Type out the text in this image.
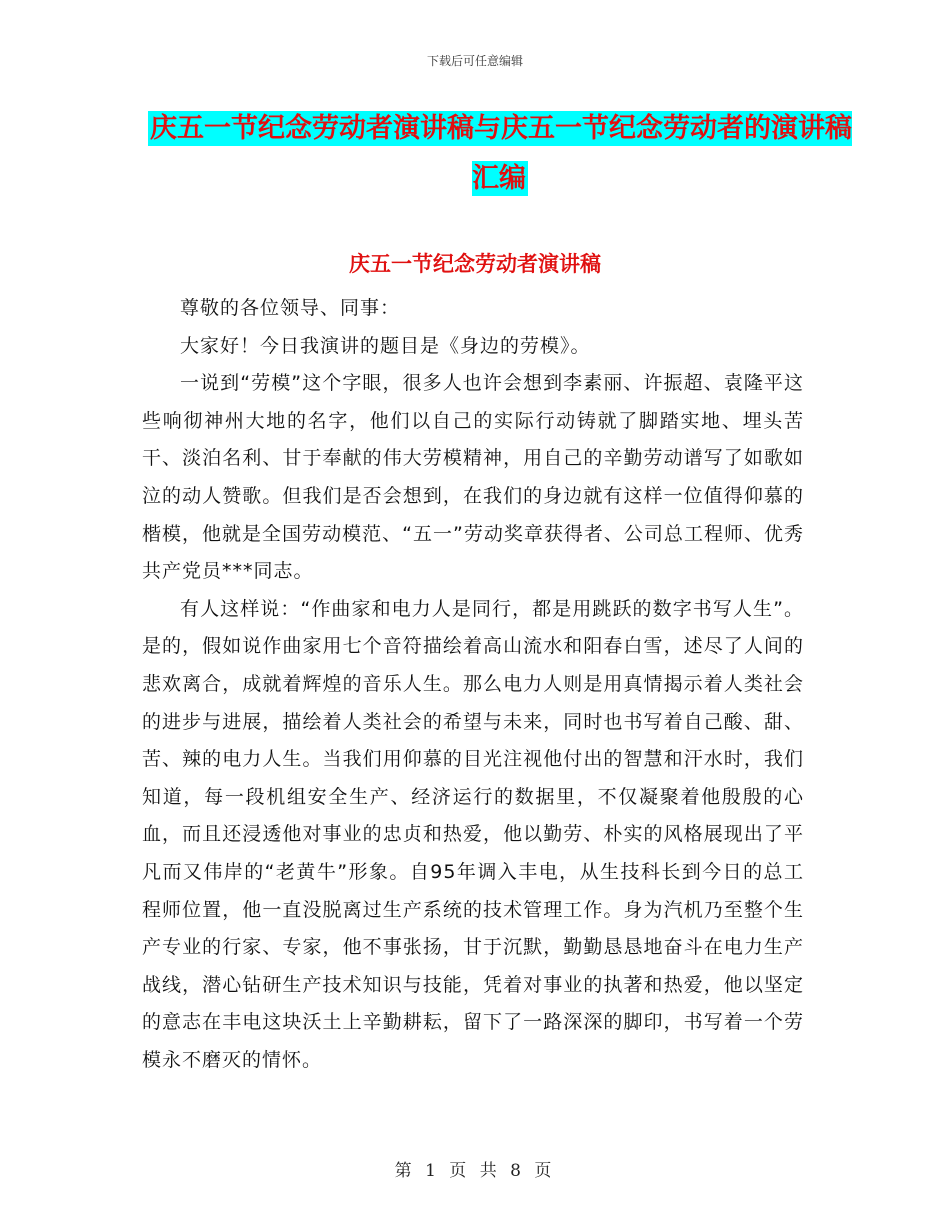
下载后可任意编辑
庆五一节纪念劳动者演讲稿与庆五一节纪念劳动者的演讲稿汇编
庆五一节纪念劳动者演讲稿

尊敬的各位领导、同事：

大家好！今日我演讲的题目是《身边的劳模》。

一说到“劳模”这个字眼，很多人也许会想到李素丽、许振超、袁隆平这些响彻神州大地的名字，他们以自己的实际行动铸就了脚踏实地、埋头苦干、淡泊名利、甘于奉献的伟大劳模精神，用自己的辛勤劳动谱写了如歌如泣的动人赞歌。但我们是否会想到，在我们的身边就有这样一位值得仰慕的楷模，他就是全国劳动模范、“五一”劳动奖章获得者、公司总工程师、优秀共产党员***同志。

有人这样说：“作曲家和电力人是同行，都是用跳跃的数字书写人生”。是的，假如说作曲家用七个音符描绘着高山流水和阳春白雪，述尽了人间的悲欢离合，成就着辉煌的音乐人生。那么电力人则是用真情揭示着人类社会的进步与进展，描绘着人类社会的希望与未来，同时也书写着自己酸、甜、苦、辣的电力人生。当我们用仰慕的目光注视他付出的智慧和汗水时，我们知道，每一段机组安全生产、经济运行的数据里，不仅凝聚着他殷殷的心血，而且还浸透他对事业的忠贞和热爱，他以勤劳、朴实的风格展现出了平凡而又伟岸的“老黄牛”形象。自95年调入丰电，从生技科长到今日的总工程师位置，他一直没脱离过生产系统的技术管理工作。身为汽机乃至整个生产专业的行家、专家，他不事张扬，甘于沉默，勤勤恳恳地奋斗在电力生产战线，潜心钻研生产技术知识与技能，凭着对事业的执著和热爱，他以坚定的意志在丰电这块沃土上辛勤耕耘，留下了一路深深的脚印，书写着一个劳模永不磨灭的情怀。

第 1 页 共 8 页
